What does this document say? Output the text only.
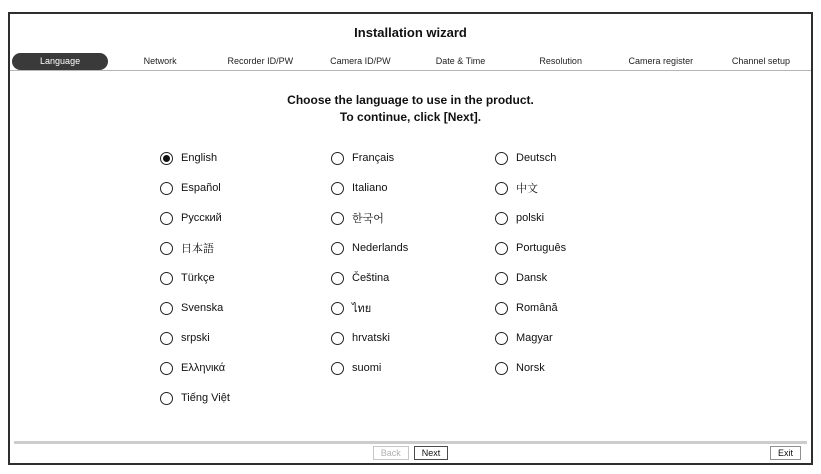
Installation wizard
Language	Network	Recorder ID/PW	Camera ID/PW	Date & Time	Resolution	Camera register	Channel setup
Choose the language to use in the product.
To continue, click [Next].
English
Español
Русский
日本語
Türkçe
Svenska
srpski
Ελληνικά
Tiếng Việt
Français
Italiano
한국어
Nederlands
Čeština
ไทย
hrvatski
suomi
Deutsch
中文
polski
Português
Dansk
Română
Magyar
Norsk
Back	Next	Exit
